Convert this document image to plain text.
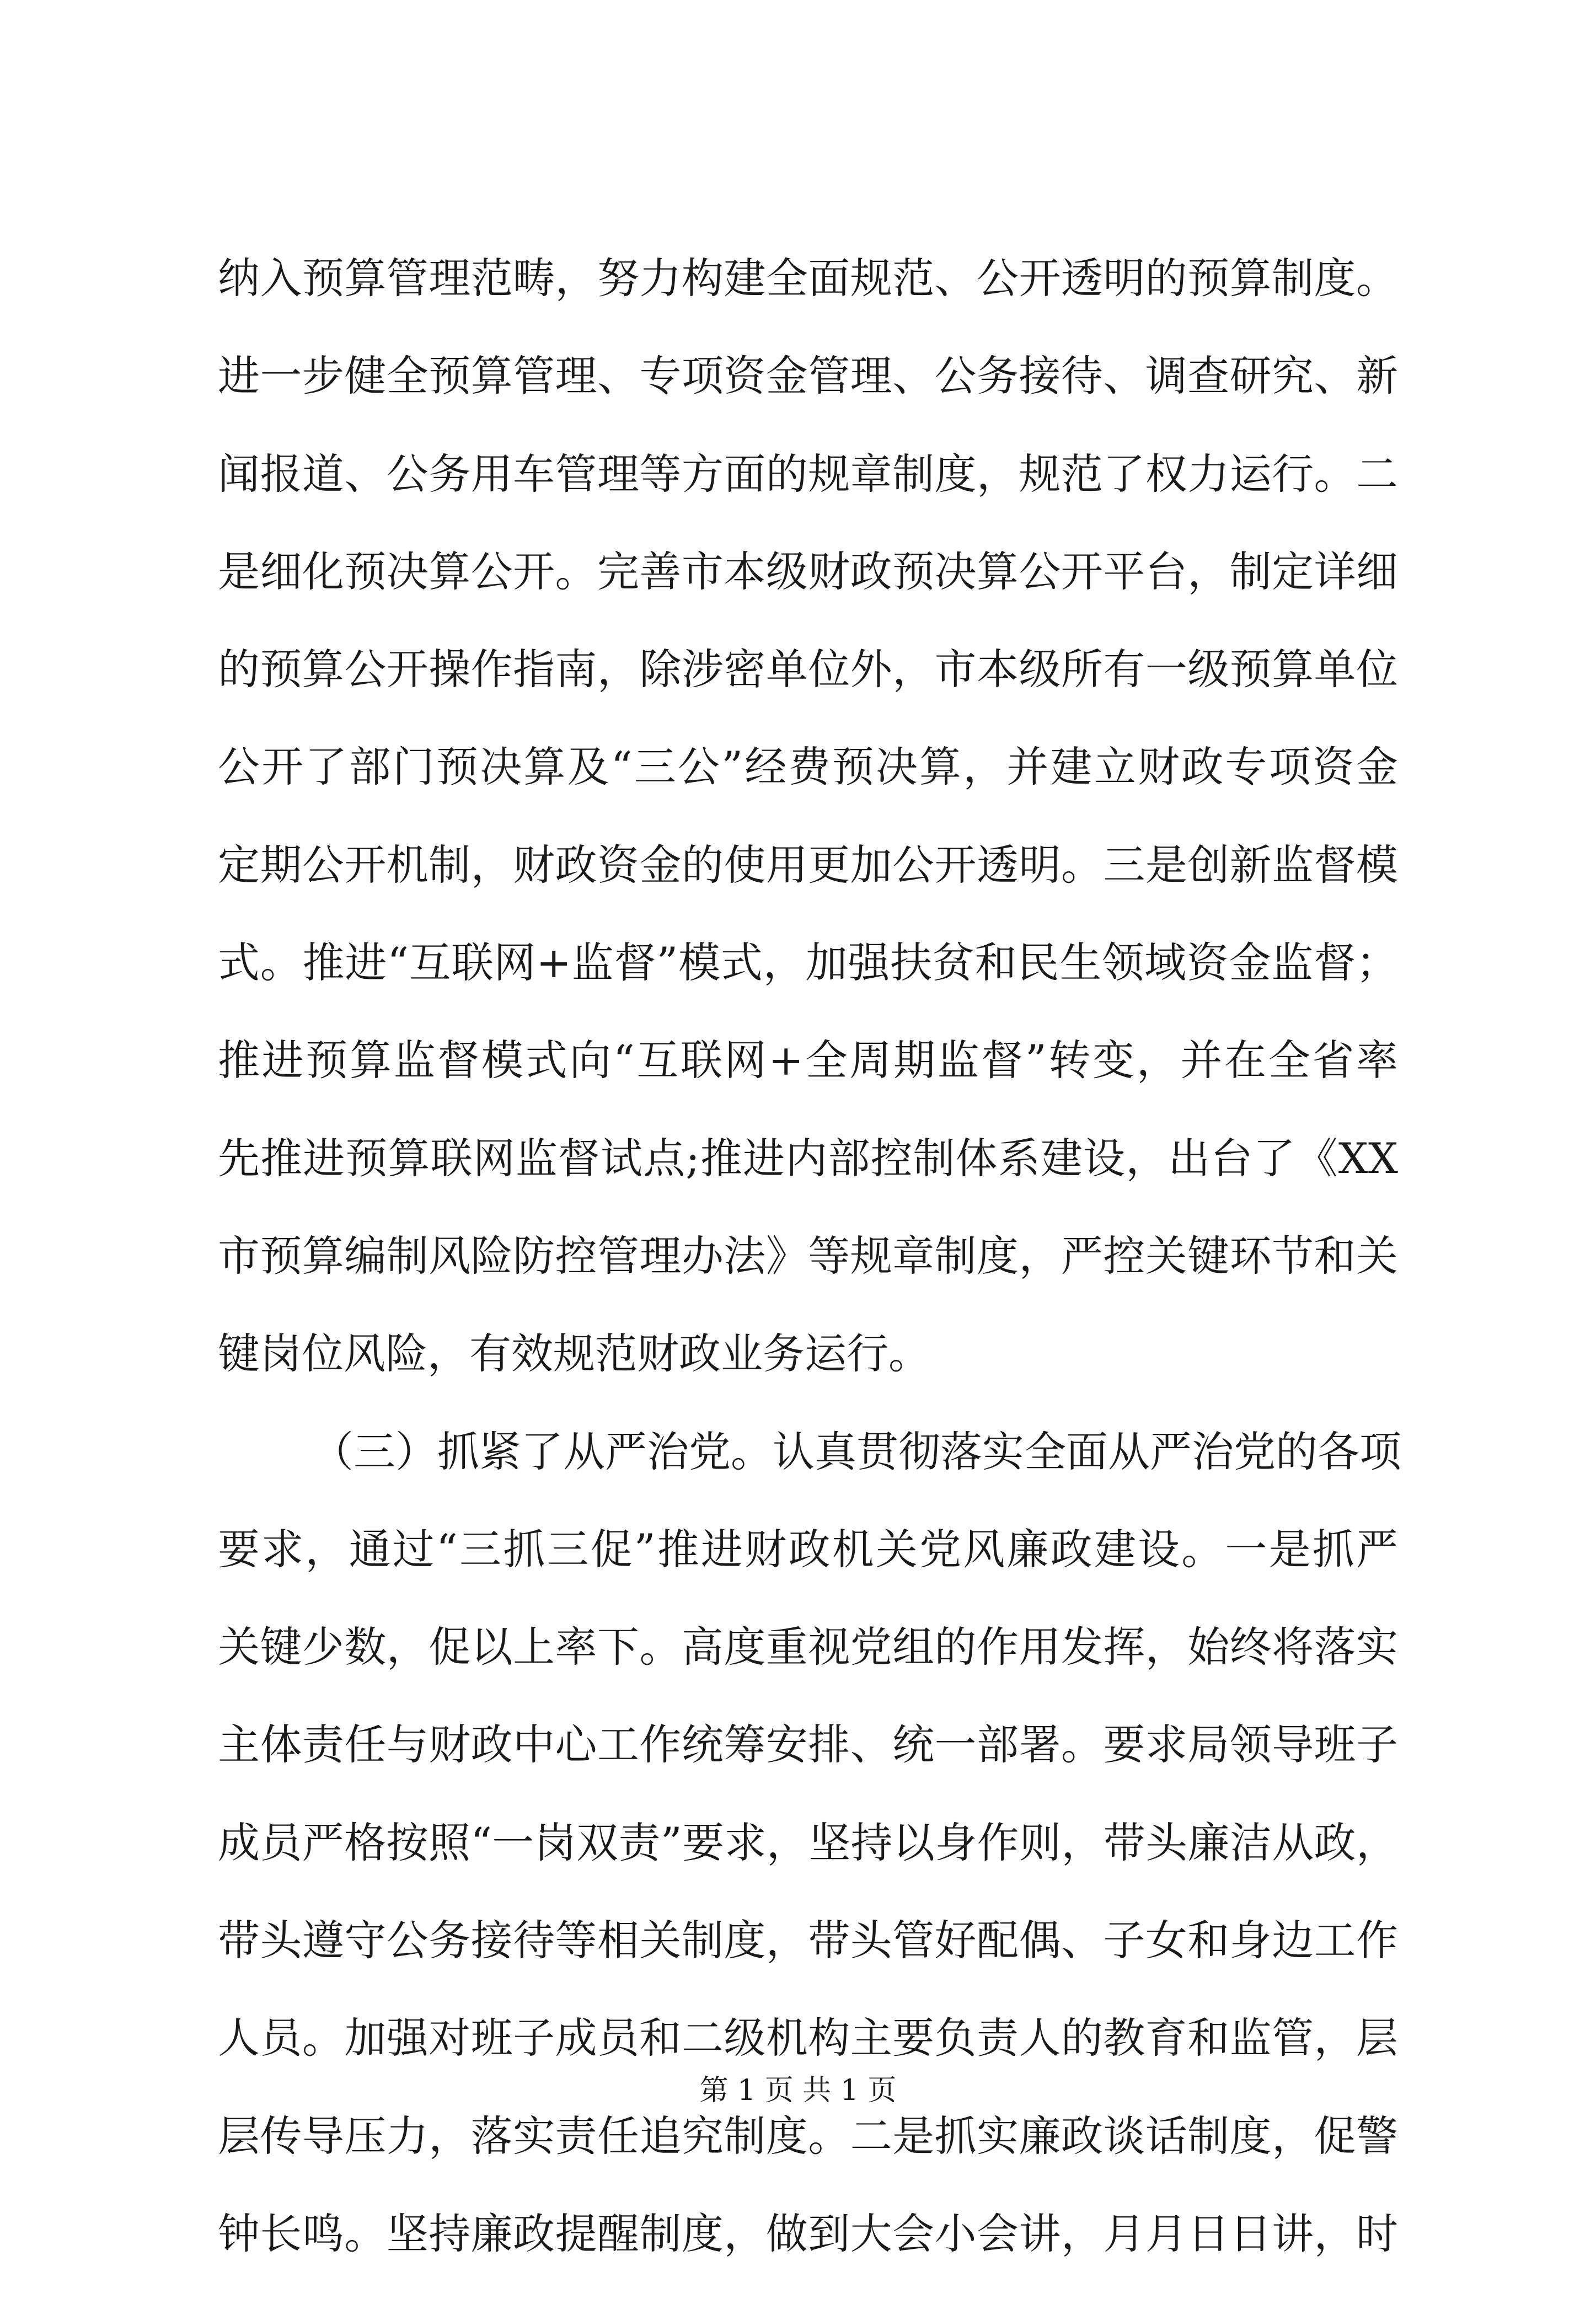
纳入预算管理范畴，努力构建全面规范、公开透明的预算制度。
进一步健全预算管理、专项资金管理、公务接待、调查研究、新
闻报道、公务用车管理等方面的规章制度，规范了权力运行。二
是细化预决算公开。完善市本级财政预决算公开平台，制定详细
的预算公开操作指南，除涉密单位外，市本级所有一级预算单位
公开了部门预决算及“三公”经费预决算，并建立财政专项资金
定期公开机制，财政资金的使用更加公开透明。三是创新监督模
式。推进“互联网+监督”模式，加强扶贫和民生领域资金监督；
推进预算监督模式向“互联网+全周期监督”转变，并在全省率
先推进预算联网监督试点;推进内部控制体系建设，出台了《XX
市预算编制风险防控管理办法》等规章制度，严控关键环节和关
键岗位风险，有效规范财政业务运行。
（三）抓紧了从严治党。认真贯彻落实全面从严治党的各项
要求，通过“三抓三促”推进财政机关党风廉政建设。一是抓严
关键少数，促以上率下。高度重视党组的作用发挥，始终将落实
主体责任与财政中心工作统筹安排、统一部署。要求局领导班子
成员严格按照“一岗双责”要求，坚持以身作则，带头廉洁从政，
带头遵守公务接待等相关制度，带头管好配偶、子女和身边工作
人员。加强对班子成员和二级机构主要负责人的教育和监管，层
层传导压力，落实责任追究制度。二是抓实廉政谈话制度，促警
钟长鸣。坚持廉政提醒制度，做到大会小会讲，月月日日讲，时
第 1 页 共 1 页
